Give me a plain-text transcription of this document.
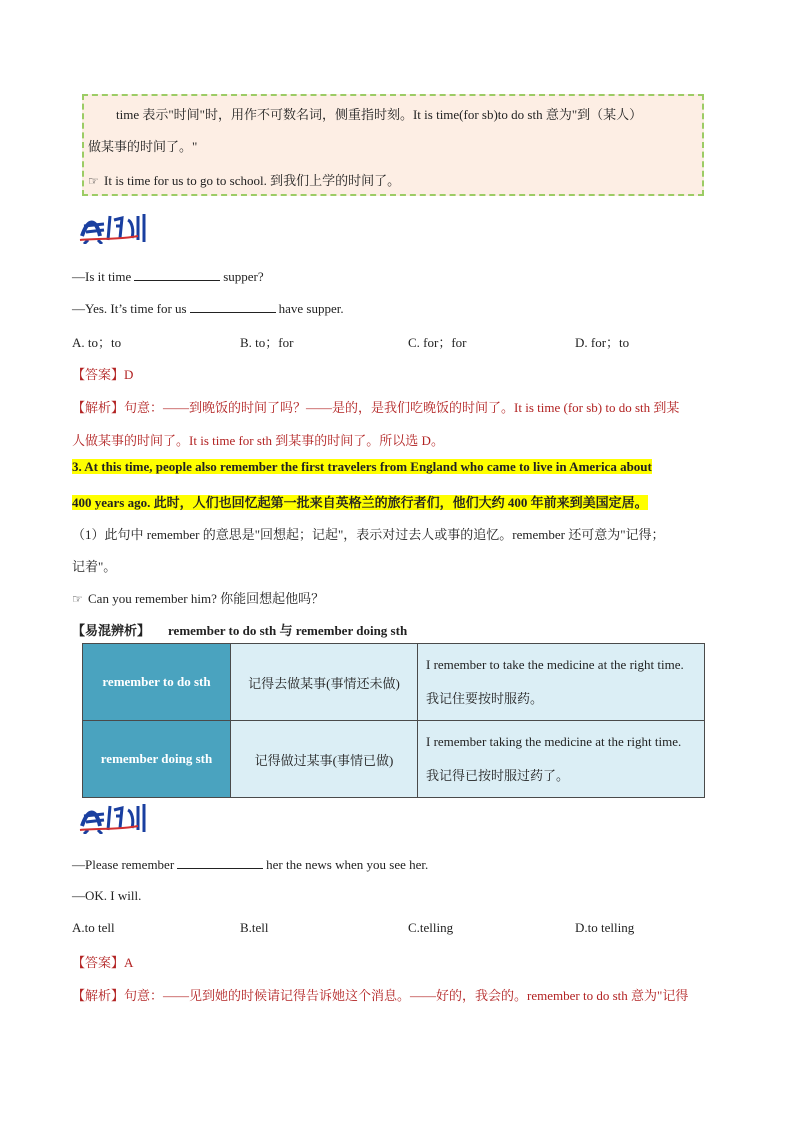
time 表示"时间"时，用作不可数名词，侧重指时刻。It is time(for sb)to do sth 意为"到（某人）
做某事的时间了。"
☞ It is time for us to go to school. 到我们上学的时间了。
—Is it time	supper?
—Yes. It’s time for us	have supper.
A. to；to	B. to；for	C. for；for	D. for；to
【答案】D
【解析】句意：——到晚饭的时间了吗？——是的，是我们吃晚饭的时间了。It is time (for sb) to do sth 到某
人做某事的时间了。It is time for sth 到某事的时间了。所以选 D。
3. At this time, people also remember the first travelers from England who came to live in America about
400 years ago. 此时，人们也回忆起第一批来自英格兰的旅行者们，他们大约 400 年前来到美国定居。
（1）此句中 remember 的意思是"回想起；记起"，表示对过去人或事的追忆。remember 还可意为"记得；
记着"。
☞ Can you remember him? 你能回想起他吗？
【易混辨析】 remember to do sth 与 remember doing sth
remember to do sth	记得去做某事(事情还未做)	I remember to take the medicine at the right time.
我记住要按时服药。

remember doing sth	记得做过某事(事情已做)	I remember taking the medicine at the right time.
我记得已按时服过药了。
—Please remember	her the news when you see her.
—OK. I will.
A.to tell	B.tell	C.telling	D.to telling
【答案】A
【解析】句意：——见到她的时候请记得告诉她这个消息。——好的，我会的。remember to do sth 意为"记得
